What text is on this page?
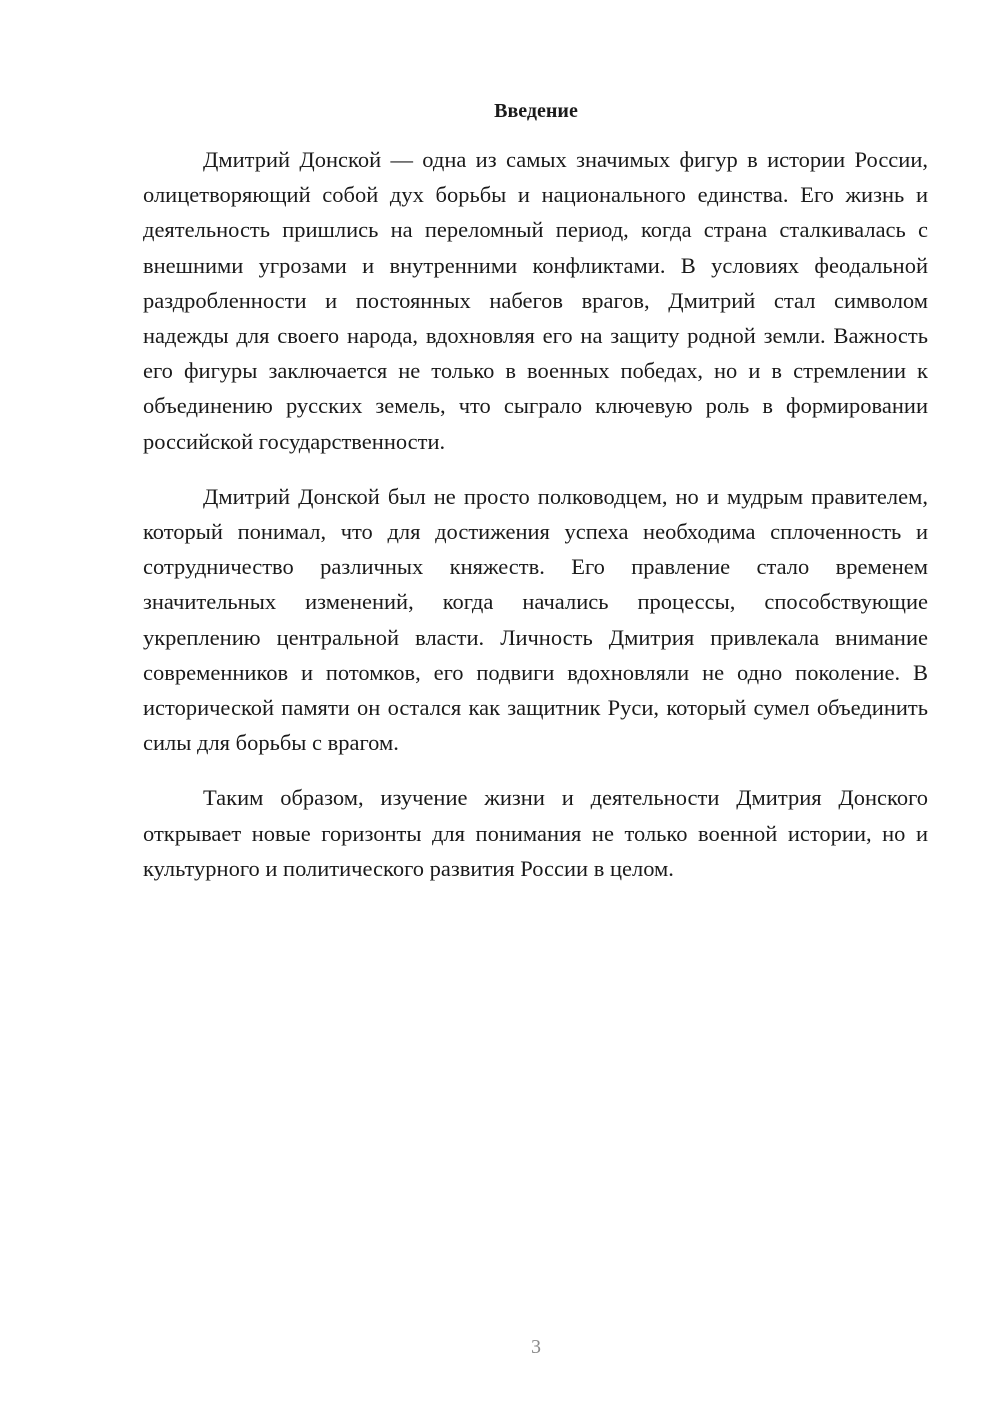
Введение

Дмитрий Донской — одна из самых значимых фигур в истории России, олицетворяющий собой дух борьбы и национального единства. Его жизнь и деятельность пришлись на переломный период, когда страна сталкивалась с внешними угрозами и внутренними конфликтами. В условиях феодальной раздробленности и постоянных набегов врагов, Дмитрий стал символом надежды для своего народа, вдохновляя его на защиту родной земли. Важность его фигуры заключается не только в военных победах, но и в стремлении к объединению русских земель, что сыграло ключевую роль в формировании российской государственности.

Дмитрий Донской был не просто полководцем, но и мудрым правителем, который понимал, что для достижения успеха необходима сплоченность и сотрудничество различных княжеств. Его правление стало временем значительных изменений, когда начались процессы, способствующие укреплению центральной власти. Личность Дмитрия привлекала внимание современников и потомков, его подвиги вдохновляли не одно поколение. В исторической памяти он остался как защитник Руси, который сумел объединить силы для борьбы с врагом.

Таким образом, изучение жизни и деятельности Дмитрия Донского открывает новые горизонты для понимания не только военной истории, но и культурного и политического развития России в целом.

3
